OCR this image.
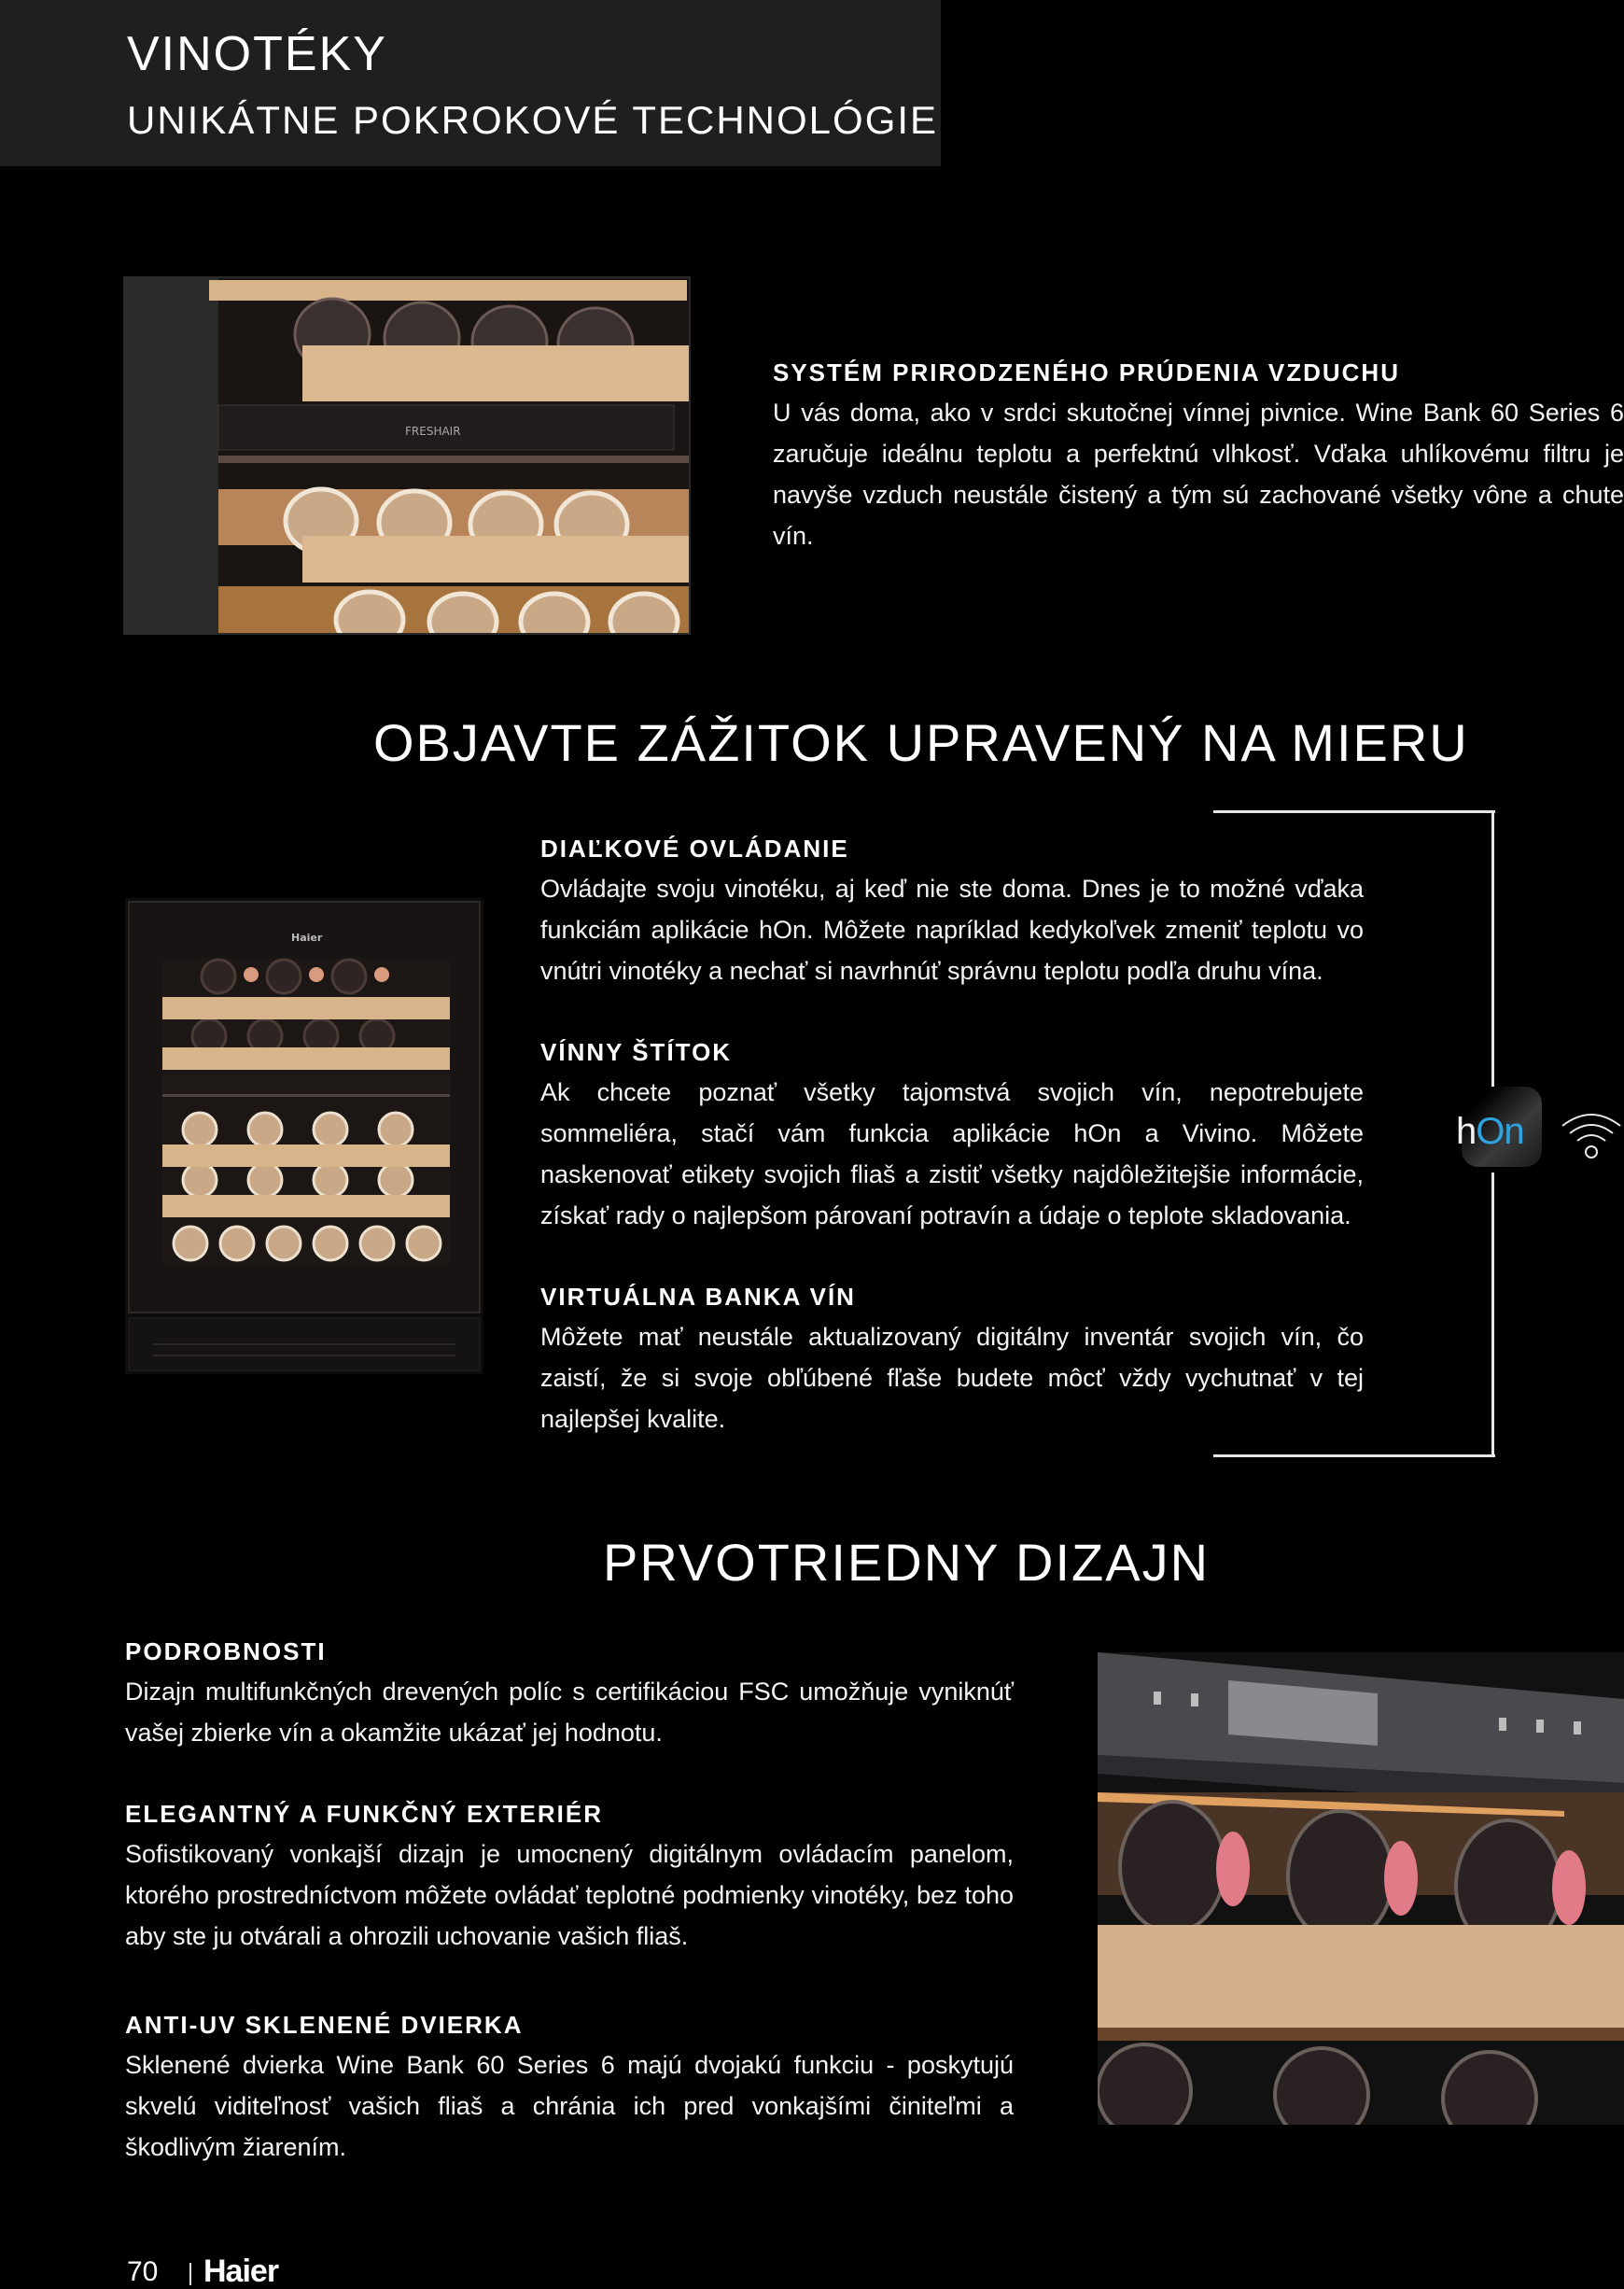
VINOTÉKY
UNIKÁTNE POKROKOVÉ TECHNOLÓGIE
FRESHAIR
SYSTÉM PRIRODZENÉHO PRÚDENIA VZDUCHU

U vás doma, ako v srdci skutočnej vínnej pivnice. Wine Bank 60 Series 6 zaručuje ideálnu teplotu a perfektnú vlhkosť. Vďaka uhlíkovému filtru je navyše vzduch neustále čistený a tým sú zachované všetky vône a chute vín.

OBJAVTE ZÁŽITOK UPRAVENÝ NA MIERU
Haier
DIAĽKOVÉ OVLÁDANIE

Ovládajte svoju vinotéku, aj keď nie ste doma. Dnes je to možné vďaka funkciám aplikácie hOn. Môžete napríklad kedykoľvek zmeniť teplotu vo vnútri vinotéky a nechať si navrhnúť správnu teplotu podľa druhu vína.

VÍNNY ŠTÍTOK

Ak chcete poznať všetky tajomstvá svojich vín, nepotrebujete sommeliéra, stačí vám funkcia aplikácie hOn a Vivino. Môžete naskenovať etikety svojich fliaš a zistiť všetky najdôležitejšie informácie, získať rady o najlepšom párovaní potravín a údaje o teplote skladovania.

VIRTUÁLNA BANKA VÍN

Môžete mať neustále aktualizovaný digitálny inventár svojich vín, čo zaistí, že si svoje obľúbené fľaše budete môcť vždy vychutnať v tej najlepšej kvalite.

hOn
PRVOTRIEDNY DIZAJN
PODROBNOSTI

Dizajn multifunkčných drevených políc s certifikáciou FSC umožňuje vyniknúť vašej zbierke vín a okamžite ukázať jej hodnotu.

ELEGANTNÝ A FUNKČNÝ EXTERIÉR

Sofistikovaný vonkajší dizajn je umocnený digitálnym ovládacím panelom, ktorého prostredníctvom môžete ovládať teplotné podmienky vinotéky, bez toho aby ste ju otvárali a ohrozili uchovanie vašich fliaš.

ANTI-UV SKLENENÉ DVIERKA

Sklenené dvierka Wine Bank 60 Series 6 majú dvojakú funkciu - poskytujú skvelú viditeľnosť vašich fliaš a chránia ich pred vonkajšími činiteľmi a škodlivým žiarením.

70 Haier
